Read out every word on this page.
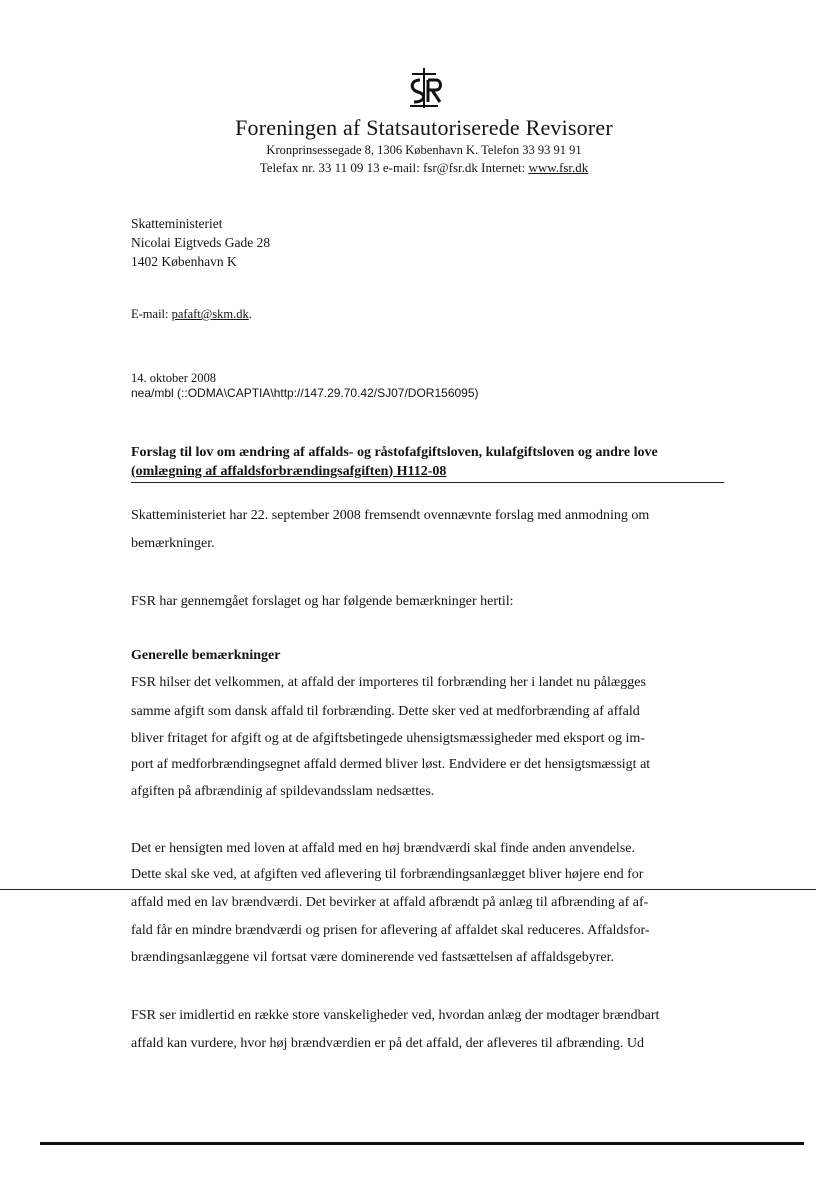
Foreningen af Statsautoriserede Revisorer
Kronprinsessegade 8, 1306 København K. Telefon 33 93 91 91
Telefax nr. 33 11 09 13 e-mail: fsr@fsr.dk Internet: www.fsr.dk
Skatteministeriet
Nicolai Eigtveds Gade 28
1402 København K
E-mail: pafaft@skm.dk.
14. oktober 2008
nea/mbl (::ODMA\CAPTIA\http://147.29.70.42/SJ07/DOR156095)
Forslag til lov om ændring af affalds- og råstofafgiftsloven, kulafgiftsloven og andre love
(omlægning af affaldsforbrændingsafgiften) H112-08
Skatteministeriet har 22. september 2008 fremsendt ovennævnte forslag med anmodning om
bemærkninger.
FSR har gennemgået forslaget og har følgende bemærkninger hertil:
Generelle bemærkninger
FSR hilser det velkommen, at affald der importeres til forbrænding her i landet nu pålægges
samme afgift som dansk affald til forbrænding. Dette sker ved at medforbrænding af affald
bliver fritaget for afgift og at de afgiftsbetingede uhensigtsmæssigheder med eksport og im-
port af medforbrændingsegnet affald dermed bliver løst. Endvidere er det hensigtsmæssigt at
afgiften på afbrændinig af spildevandsslam nedsættes.
Det er hensigten med loven at affald med en høj brændværdi skal finde anden anvendelse.
Dette skal ske ved, at afgiften ved aflevering til forbrændingsanlægget bliver højere end for
affald med en lav brændværdi. Det bevirker at affald afbrændt på anlæg til afbrænding af af-
fald får en mindre brændværdi og prisen for aflevering af affaldet skal reduceres. Affaldsfor-
brændingsanlæggene vil fortsat være dominerende ved fastsættelsen af affaldsgebyrer.
FSR ser imidlertid en række store vanskeligheder ved, hvordan anlæg der modtager brændbart
affald kan vurdere, hvor høj brændværdien er på det affald, der afleveres til afbrænding. Ud
